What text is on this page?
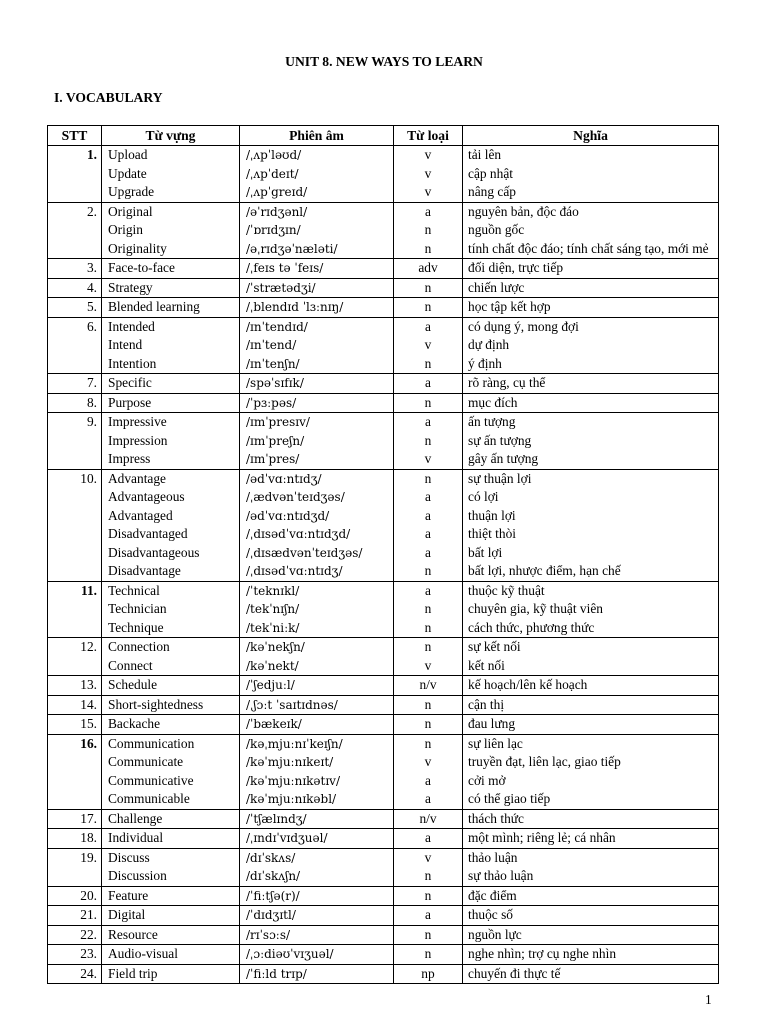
UNIT 8. NEW WAYS TO LEARN
I. VOCABULARY
STT	Từ vựng	Phiên âm	Từ loại	Nghĩa
1.	Upload	/ˌʌpˈləʊd/	v	tải lên
	Update	/ˌʌpˈdeɪt/	v	cập nhật
	Upgrade	/ˌʌpˈgreɪd/	v	nâng cấp
2.	Original	/əˈrɪdʒənl/	a	nguyên bản, độc đáo
	Origin	/ˈɒrɪdʒɪn/	n	nguồn gốc
	Originality	/əˌrɪdʒəˈnæləti/	n	tính chất độc đáo; tính chất sáng tạo, mới mẻ
3.	Face-to-face	/ˌfeɪs tə ˈfeɪs/	adv	đối diện, trực tiếp
4.	Strategy	/ˈstrætədʒi/	n	chiến lược
5.	Blended learning	/ˌblendɪd ˈlɜːnɪŋ/	n	học tập kết hợp
6.	Intended	/ɪnˈtendɪd/	a	có dụng ý, mong đợi
	Intend	/ɪnˈtend/	v	dự định
	Intention	/ɪnˈtenʃn/	n	ý định
7.	Specific	/spəˈsɪfɪk/	a	rõ ràng, cụ thể
8.	Purpose	/ˈpɜːpəs/	n	mục đích
9.	Impressive	/ɪmˈpresɪv/	a	ấn tượng
	Impression	/ɪmˈpreʃn/	n	sự ấn tượng
	Impress	/ɪmˈpres/	v	gây ấn tượng
10.	Advantage	/ədˈvɑːntɪdʒ/	n	sự thuận lợi
	Advantageous	/ˌædvənˈteɪdʒəs/	a	có lợi
	Advantaged	/ədˈvɑːntɪdʒd/	a	thuận lợi
	Disadvantaged	/ˌdɪsədˈvɑːntɪdʒd/	a	thiệt thòi
	Disadvantageous	/ˌdɪsædvənˈteɪdʒəs/	a	bất lợi
	Disadvantage	/ˌdɪsədˈvɑːntɪdʒ/	n	bất lợi, nhược điểm, hạn chế
11.	Technical	/ˈteknɪkl/	a	thuộc kỹ thuật
	Technician	/tekˈnɪʃn/	n	chuyên gia, kỹ thuật viên
	Technique	/tekˈniːk/	n	cách thức, phương thức
12.	Connection	/kəˈnekʃn/	n	sự kết nối
	Connect	/kəˈnekt/	v	kết nối
13.	Schedule	/ˈʃedjuːl/	n/v	kế hoạch/lên kế hoạch
14.	Short-sightedness	/ˌʃɔːt ˈsaɪtɪdnəs/	n	cận thị
15.	Backache	/ˈbækeɪk/	n	đau lưng
16.	Communication	/kəˌmjuːnɪˈkeɪʃn/	n	sự liên lạc
	Communicate	/kəˈmjuːnɪkeɪt/	v	truyền đạt, liên lạc, giao tiếp
	Communicative	/kəˈmjuːnɪkətɪv/	a	cởi mở
	Communicable	/kəˈmjuːnɪkəbl/	a	có thể giao tiếp
17.	Challenge	/ˈtʃælɪndʒ/	n/v	thách thức
18.	Individual	/ˌɪndɪˈvɪdʒuəl/	a	một mình; riêng lẻ; cá nhân
19.	Discuss	/dɪˈskʌs/	v	thảo luận
	Discussion	/dɪˈskʌʃn/	n	sự thảo luận
20.	Feature	/ˈfiːtʃə(r)/	n	đặc điểm
21.	Digital	/ˈdɪdʒɪtl/	a	thuộc số
22.	Resource	/rɪˈsɔːs/	n	nguồn lực
23.	Audio-visual	/ˌɔːdiəʊˈvɪʒuəl/	n	nghe nhìn; trợ cụ nghe nhìn
24.	Field trip	/ˈfiːld trɪp/	np	chuyến đi thực tế
1
